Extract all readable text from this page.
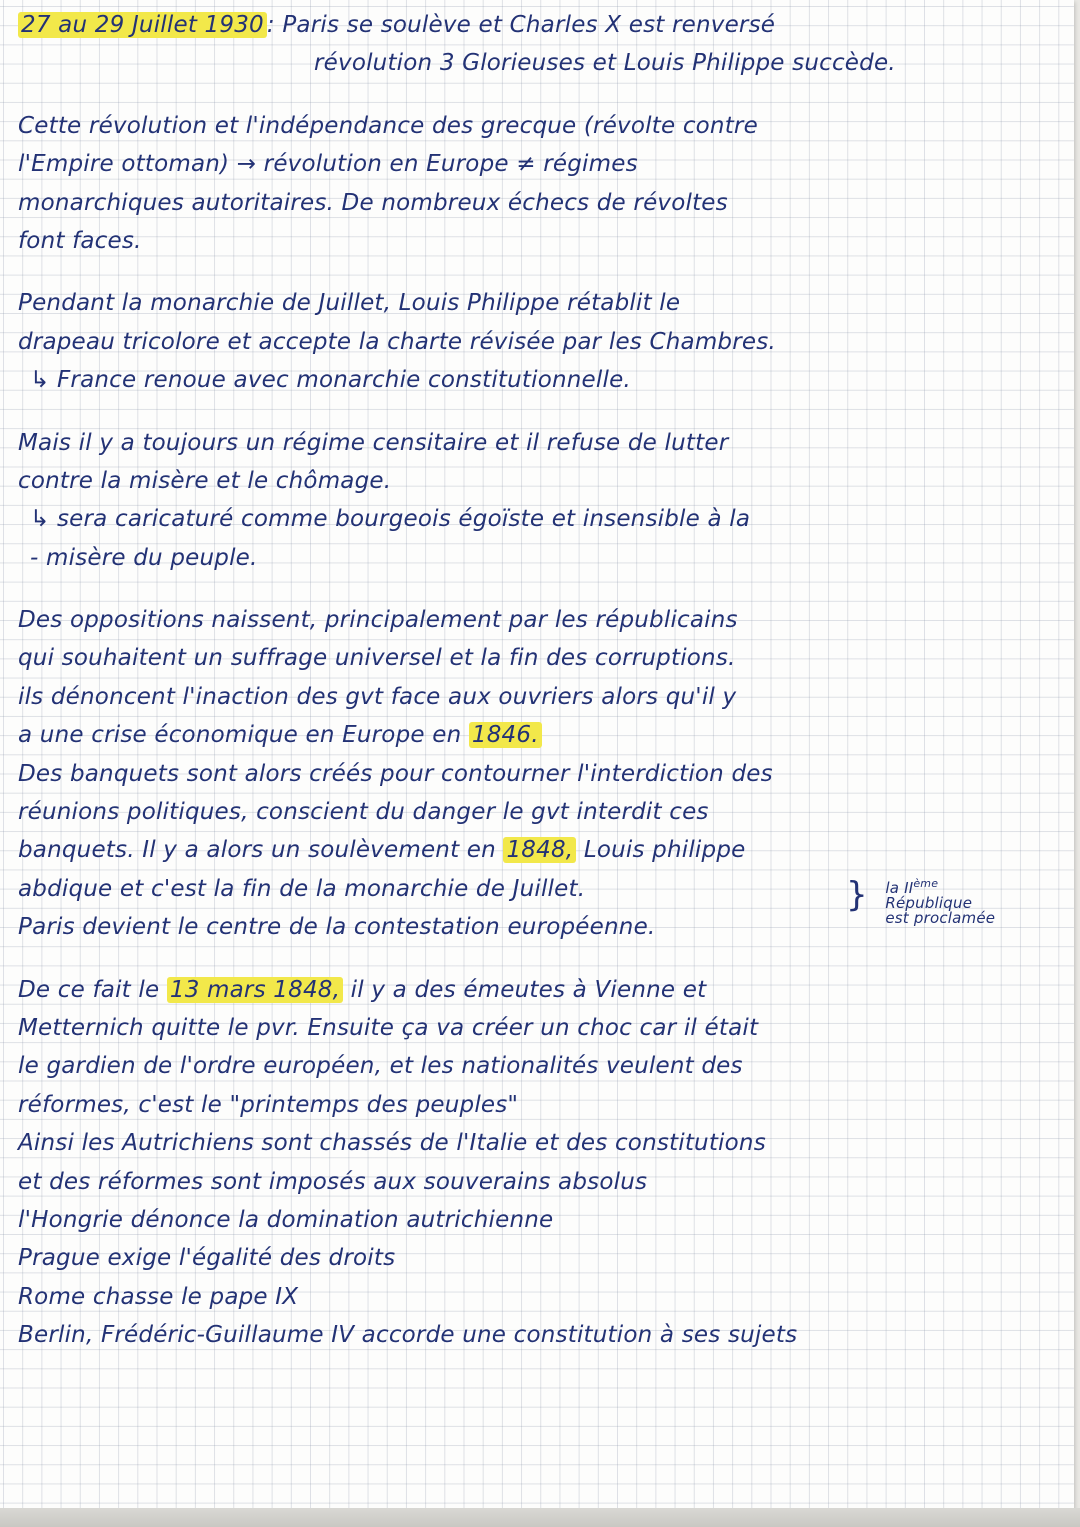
27 au 29 Juillet 1930 : Paris se soulève et Charles X est renversé
révolution 3 Glorieuses et Louis Philippe succède.
Cette révolution et l'indépendance des grecque (révolte contre
l'Empire ottoman) → révolution en Europe ≠ régimes
monarchiques autoritaires. De nombreux échecs de révoltes
font faces.
Pendant la monarchie de Juillet, Louis Philippe rétablit le
drapeau tricolore et accepte la charte révisée par les Chambres.
↳ France renoue avec monarchie constitutionnelle.
Mais il y a toujours un régime censitaire et il refuse de lutter
contre la misère et le chômage.
↳ sera caricaturé comme bourgeois égoïste et insensible à la
- misère du peuple.
Des oppositions naissent, principalement par les républicains
qui souhaitent un suffrage universel et la fin des corruptions.
ils dénoncent l'inaction des gvt face aux ouvriers alors qu'il y
a une crise économique en Europe en 1846.
Des banquets sont alors créés pour contourner l'interdiction des
réunions politiques, conscient du danger le gvt interdit ces
banquets. Il y a alors un soulèvement en 1848, Louis philippe
abdique et c'est la fin de la monarchie de Juillet.
Paris devient le centre de la contestation européenne.
} la IIème
République
est proclamée
De ce fait le 13 mars 1848, il y a des émeutes à Vienne et
Metternich quitte le pvr. Ensuite ça va créer un choc car il était
le gardien de l'ordre européen, et les nationalités veulent des
réformes, c'est le "printemps des peuples"
Ainsi les Autrichiens sont chassés de l'Italie et des constitutions
et des réformes sont imposés aux souverains absolus
l'Hongrie dénonce la domination autrichienne
Prague exige l'égalité des droits
Rome chasse le pape IX
Berlin, Frédéric-Guillaume IV accorde une constitution à ses sujets
